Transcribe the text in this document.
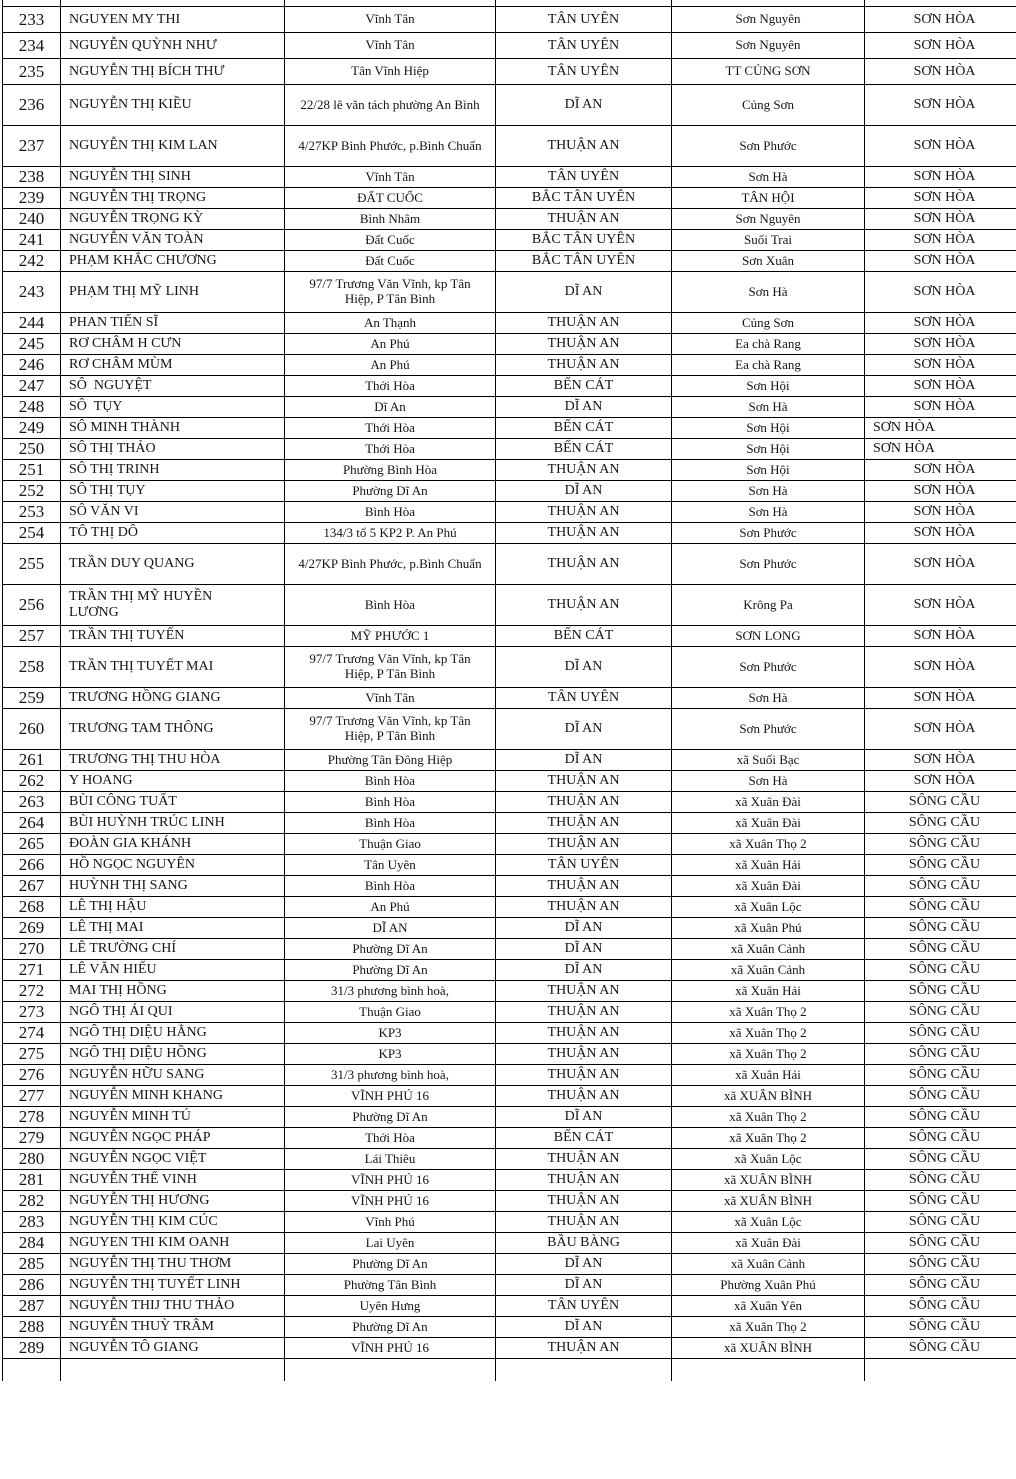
233	NGUYEN MY THI	Vĩnh Tân	TÂN UYÊN	Sơn Nguyên	SƠN HÒA
234	NGUYỄN QUỲNH NHƯ	Vĩnh Tân	TÂN UYÊN	Sơn Nguyên	SƠN HÒA
235	NGUYỄN THỊ BÍCH THƯ	Tân Vĩnh Hiệp	TÂN UYÊN	TT CỦNG SƠN	SƠN HÒA
236	NGUYỄN THỊ KIỀU	22/28 lê văn tách phường An Bình	DĨ AN	Củng Sơn	SƠN HÒA
237	NGUYỄN THỊ KIM LAN	4/27KP Bình Phước, p.Bình Chuẩn	THUẬN AN	Sơn Phước	SƠN HÒA
238	NGUYỄN THỊ SINH	Vĩnh Tân	TÂN UYÊN	Sơn Hà	SƠN HÒA
239	NGUYỄN THỊ TRỌNG	ĐẤT CUỐC	BẮC TÂN UYÊN	TÂN HỘI	SƠN HÒA
240	NGUYỄN TRỌNG KỲ	Bình Nhâm	THUẬN AN	Sơn Nguyên	SƠN HÒA
241	NGUYỄN VĂN TOÀN	Đất Cuốc	BẮC TÂN UYÊN	Suối Trai	SƠN HÒA
242	PHẠM KHẮC CHƯƠNG	Đất Cuốc	BẮC TÂN UYÊN	Sơn Xuân	SƠN HÒA
243	PHẠM THỊ MỸ LINH	97/7 Trương Văn Vĩnh, kp Tân Hiệp, P Tân Bình	DĨ AN	Sơn Hà	SƠN HÒA
244	PHAN TIẾN SĨ	An Thạnh	THUẬN AN	Củng Sơn	SƠN HÒA
245	RƠ CHÂM H CƯN	An Phú	THUẬN AN	Ea chà Rang	SƠN HÒA
246	RƠ CHÂM MÙM	An Phú	THUẬN AN	Ea chà Rang	SƠN HÒA
247	SÔ  NGUYỆT	Thới Hòa	BẾN CÁT	Sơn Hội	SƠN HÒA
248	SÔ  TỤY	Dĩ An	DĨ AN	Sơn Hà	SƠN HÒA
249	SÔ MINH THÀNH	Thới Hòa	BẾN CÁT	Sơn Hội	SƠN HÒA
250	SÔ THỊ THẢO	Thới Hòa	BẾN CÁT	Sơn Hội	SƠN HÒA
251	SÔ THỊ TRINH	Phường Bình Hòa	THUẬN AN	Sơn Hội	SƠN HÒA
252	SÔ THỊ TỤY	Phường Dĩ An	DĨ AN	Sơn Hà	SƠN HÒA
253	SÔ VĂN VI	Bình Hòa	THUẬN AN	Sơn Hà	SƠN HÒA
254	TÔ THỊ DÔ	134/3 tổ 5 KP2 P. An Phú	THUẬN AN	Sơn Phước	SƠN HÒA
255	TRẦN DUY QUANG	4/27KP Bình Phước, p.Bình Chuẩn	THUẬN AN	Sơn Phước	SƠN HÒA
256	TRẦN THỊ MỸ HUYỀN LƯƠNG	Bình Hòa	THUẬN AN	Krông Pa	SƠN HÒA
257	TRẦN THỊ TUYẾN	MỸ PHƯỚC 1	BẾN CÁT	SƠN LONG	SƠN HÒA
258	TRẦN THỊ TUYẾT MAI	97/7 Trương Văn Vĩnh, kp Tân Hiệp, P Tân Bình	DĨ AN	Sơn Phước	SƠN HÒA
259	TRƯƠNG HỒNG GIANG	Vĩnh Tân	TÂN UYÊN	Sơn Hà	SƠN HÒA
260	TRƯƠNG TAM THÔNG	97/7 Trương Văn Vĩnh, kp Tân Hiệp, P Tân Bình	DĨ AN	Sơn Phước	SƠN HÒA
261	TRƯƠNG THỊ THU HÒA	Phường Tân Đông Hiệp	DĨ AN	xã Suối Bạc	SƠN HÒA
262	Y HOANG	Bình Hòa	THUẬN AN	Sơn Hà	SƠN HÒA
263	BÙI CÔNG TUẤT	Bình Hòa	THUẬN AN	xã Xuân Đài	SÔNG CẦU
264	BÙI HUỲNH TRÚC LINH	Bình Hòa	THUẬN AN	xã Xuân Đài	SÔNG CẦU
265	ĐOÀN GIA KHÁNH	Thuận Giao	THUẬN AN	xã Xuân Thọ 2	SÔNG CẦU
266	HỒ NGỌC NGUYÊN	Tân Uyên	TÂN UYÊN	xã Xuân Hải	SÔNG CẦU
267	HUỲNH THỊ SANG	Bình Hòa	THUẬN AN	xã Xuân Đài	SÔNG CẦU
268	LÊ THỊ HẬU	An Phú	THUẬN AN	xã Xuân Lộc	SÔNG CẦU
269	LÊ THỊ MAI	DĨ AN	DĨ AN	xã Xuân Phú	SÔNG CẦU
270	LÊ TRƯỜNG CHÍ	Phường Dĩ An	DĨ AN	xã Xuân Cảnh	SÔNG CẦU
271	LÊ VĂN HIẾU	Phường Dĩ An	DĨ AN	xã Xuân Cảnh	SÔNG CẦU
272	MAI THỊ HỒNG	31/3 phương bình hoà,	THUẬN AN	xã Xuân Hải	SÔNG CẦU
273	NGÔ THỊ ÁI QUI	Thuận Giao	THUẬN AN	xã Xuân Thọ 2	SÔNG CẦU
274	NGÔ THỊ DIỆU HẰNG	KP3	THUẬN AN	xã Xuân Thọ 2	SÔNG CẦU
275	NGÔ THỊ DIỆU HỒNG	KP3	THUẬN AN	xã Xuân Thọ 2	SÔNG CẦU
276	NGUYỄN HỮU SANG	31/3 phương bình hoà,	THUẬN AN	xã Xuân Hải	SÔNG CẦU
277	NGUYỄN MINH KHANG	VĨNH PHÚ 16	THUẬN AN	xã XUÂN BÌNH	SÔNG CẦU
278	NGUYỄN MINH TÚ	Phường Dĩ An	DĨ AN	xã Xuân Thọ 2	SÔNG CẦU
279	NGUYỄN NGỌC PHÁP	Thới Hòa	BẾN CÁT	xã Xuân Thọ 2	SÔNG CẦU
280	NGUYỄN NGỌC VIỆT	Lái Thiêu	THUẬN AN	xã Xuân Lộc	SÔNG CẦU
281	NGUYỄN THẾ VINH	VĨNH PHÚ 16	THUẬN AN	xã XUÂN BÌNH	SÔNG CẦU
282	NGUYỄN THỊ HƯƠNG	VĨNH PHÚ 16	THUẬN AN	xã XUÂN BÌNH	SÔNG CẦU
283	NGUYỄN THỊ KIM CÚC	Vĩnh Phú	THUẬN AN	xã Xuân Lộc	SÔNG CẦU
284	NGUYEN THI KIM OANH	Lai Uyên	BẦU BÀNG	xã Xuân Đài	SÔNG CẦU
285	NGUYỄN THỊ THU THƠM	Phường Dĩ An	DĨ AN	xã Xuân Cảnh	SÔNG CẦU
286	NGUYỄN THỊ TUYẾT LINH	Phường Tân Bình	DĨ AN	Phường Xuân Phú	SÔNG CẦU
287	NGUYỄN THIJ THU THẢO	Uyên Hưng	TÂN UYÊN	xã Xuân Yên	SÔNG CẦU
288	NGUYỄN THUỲ TRÂM	Phường Dĩ An	DĨ AN	xã Xuân Thọ 2	SÔNG CẦU
289	NGUYỄN TÔ GIANG	VĨNH PHÚ 16	THUẬN AN	xã XUÂN BÌNH	SÔNG CẦU
